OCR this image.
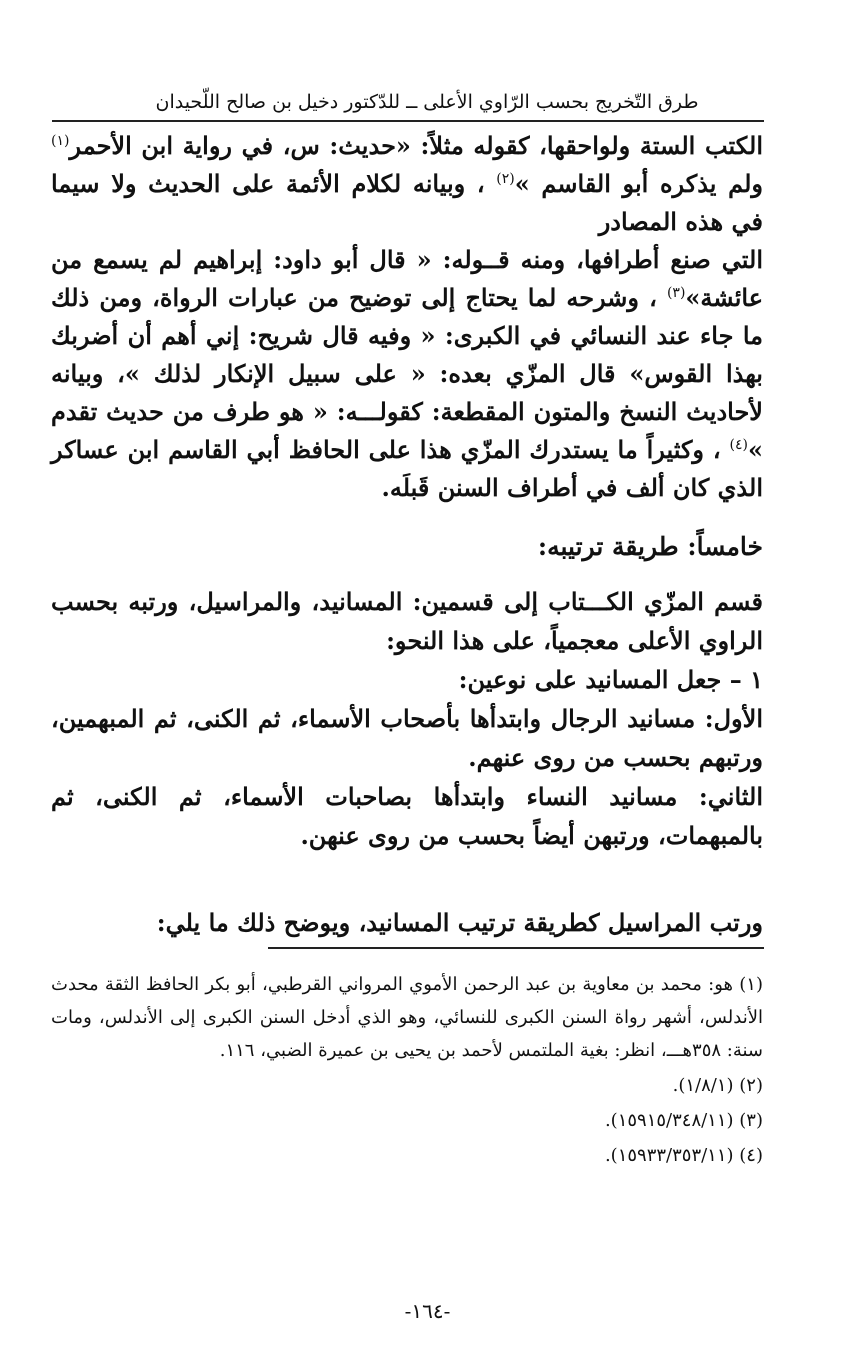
طرق التّخريج بحسب الرّاوي الأعلى ــ للدّكتور دخيل بن صالح اللّحيدان

الكتب الستة ولواحقها، كقوله مثلاً: «حديث: س، في رواية ابن الأحمر$^{(١)}$ ولم يذكره أبو القاسم »$^{(٢)}$ ، وبيانه لكلام الأئمة على الحديث ولا سيما في هذه المصادر

التي صنع أطرافها، ومنه قــوله: « قال أبو داود: إبراهيم لم يسمع من عائشة»$^{(٣)}$ ، وشرحه لما يحتاج إلى توضيح من عبارات الرواة، ومن ذلك ما جاء عند النسائي في الكبرى: « وفيه قال شريح: إني أهم أن أضربك بهذا القوس» قال المزّي بعده: « على سبيل الإنكار لذلك »، وبيانه لأحاديث النسخ والمتون المقطعة: كقولـــه: « هو طرف من حديث تقدم »$^{(٤)}$ ، وكثيراً ما يستدرك المزّي هذا على الحافظ أبي القاسم ابن عساكر الذي كان ألف في أطراف السنن قَبلَه.

خامساً: طريقة ترتيبه:

قسم المزّي الكـــتاب إلى قسمين: المسانيد، والمراسيل، ورتبه بحسب الراوي الأعلى معجمياً، على هذا النحو:

١ – جعل المسانيد على نوعين:

الأول: مسانيد الرجال وابتدأها بأصحاب الأسماء، ثم الكنى، ثم المبهمين، ورتبهم بحسب من روى عنهم.

الثاني: مسانيد النساء وابتدأها بصاحبات الأسماء، ثم الكنى، ثم بالمبهمات، ورتبهن أيضاً بحسب من روى عنهن.

ورتب المراسيل كطريقة ترتيب المسانيد، ويوضح ذلك ما يلي:

(١) هو: محمد بن معاوية بن عبد الرحمن الأموي المرواني القرطبي، أبو بكر الحافظ الثقة محدث الأندلس، أشهر رواة السنن الكبرى للنسائي، وهو الذي أدخل السنن الكبرى إلى الأندلس، ومات سنة: ٣٥٨هـــ، انظر: بغية الملتمس لأحمد بن يحيى بن عميرة الضبي، ١١٦.

(٢) (١/٨/١).

(٣) (١٥٩١٥/٣٤٨/١١).

(٤) (١٥٩٣٣/٣٥٣/١١).

-١٦٤-
